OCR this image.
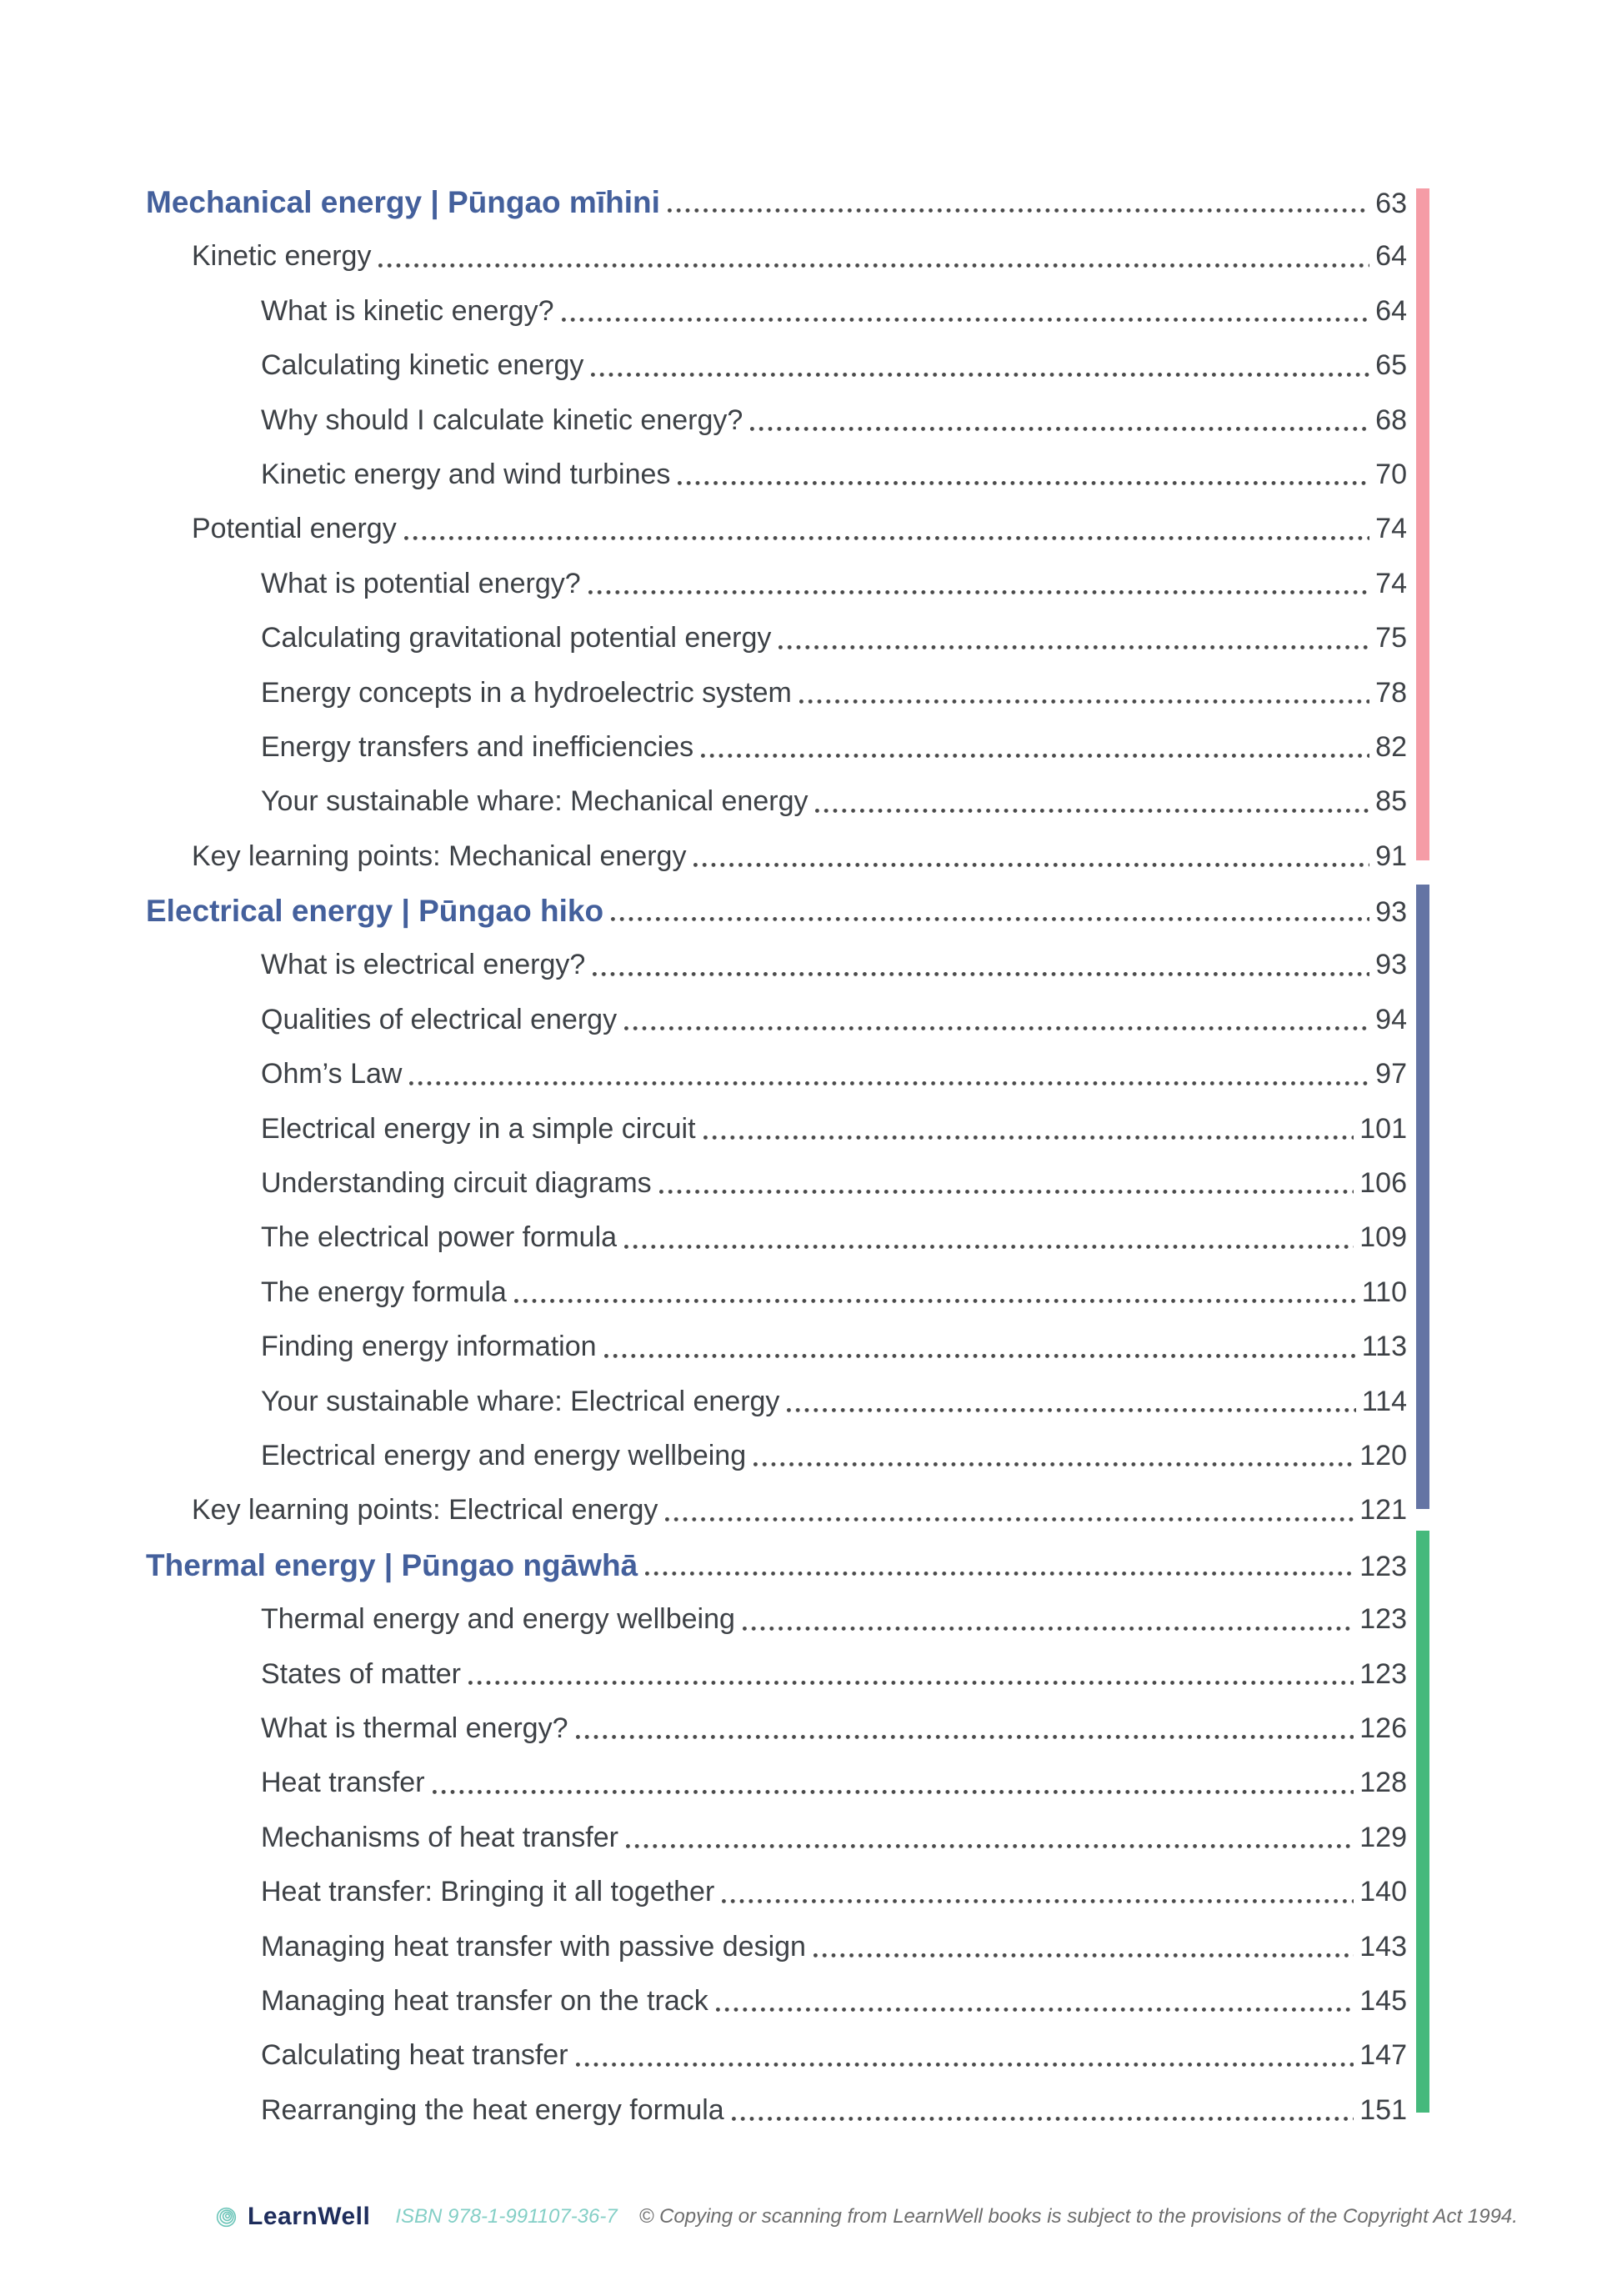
Mechanical energy | Pūngao mīhini	63
Kinetic energy	64
What is kinetic energy?	64
Calculating kinetic energy	65
Why should I calculate kinetic energy?	68
Kinetic energy and wind turbines	70
Potential energy	74
What is potential energy?	74
Calculating gravitational potential energy	75
Energy concepts in a hydroelectric system	78
Energy transfers and inefficiencies	82
Your sustainable whare: Mechanical energy	85
Key learning points: Mechanical energy	91
Electrical energy | Pūngao hiko	93
What is electrical energy?	93
Qualities of electrical energy	94
Ohm’s Law	97
Electrical energy in a simple circuit	101
Understanding circuit diagrams	106
The electrical power formula	109
The energy formula	110
Finding energy information	113
Your sustainable whare: Electrical energy	114
Electrical energy and energy wellbeing	120
Key learning points: Electrical energy	121
Thermal energy | Pūngao ngāwhā	123
Thermal energy and energy wellbeing	123
States of matter	123
What is thermal energy?	126
Heat transfer	128
Mechanisms of heat transfer	129
Heat transfer: Bringing it all together	140
Managing heat transfer with passive design	143
Managing heat transfer on the track	145
Calculating heat transfer	147
Rearranging the heat energy formula	151
LearnWell ISBN 978-1-991107-36-7 © Copying or scanning from LearnWell books is subject to the provisions of the Copyright Act 1994.
